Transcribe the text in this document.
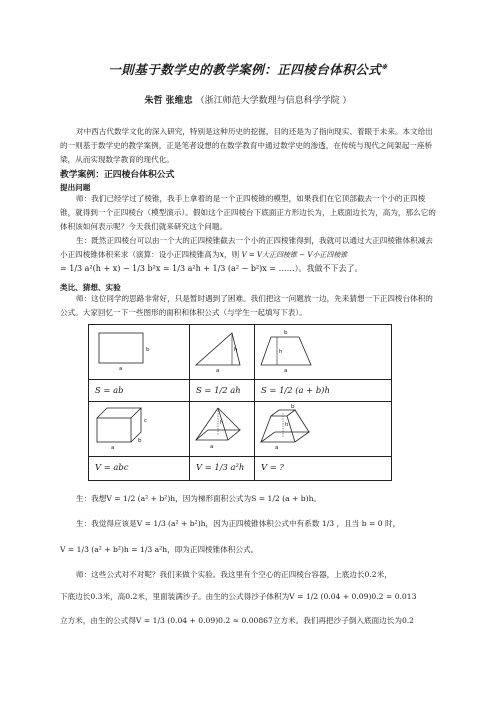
一則基于数学史的教学案例：正四棱台体积公式※
朱哲 张维忠 （浙江师范大学数理与信息科学学院 ）
对中西古代数学文化的深入研究，特别是这种历史的挖掘，目的还是为了指向现实、着眼于未来。本文给出的一则基于数学史的教学案例，正是笔者设想的在数学教育中通过数学史的渗透，在传统与现代之间架起一座桥梁，从而实现数学教育的现代化。
教学案例：正四棱台体积公式
提出问题
师：我们已经学过了棱锥，我手上拿着的是一个正四棱锥的模型，如果我们在它顶部截去一个小的正四棱锥，就得到一个正四棱台（模型演示）。假如这个正四棱台下底面正方形边长为，上底面边长为，高为，那么它的体积该如何表示呢？今天我们就来研究这个问题。
生：既然正四棱台可以由一个大的正四棱锥截去一个小的正四棱锥得到，我就可以通过大正四棱锥体积减去小正四棱锥体积来求（演算：设小正四棱锥高为x，则 V = V大正四棱锥 − V小正四棱锥
= 1/3 a²(h + x) − 1/3 b²x = 1/3 a²h + 1/3 (a² − b²)x = ……）。我做不下去了。
类比、猜想、实验
师：这位同学的思路非常好，只是暂时遇到了困难。我们把这一问题放一边，先来猜想一下正四棱台体积的公式。大家回忆一下一些图形的面积和体积公式（与学生一起填写下表）。
a
b	a
h	b
a
h

S = ab	S = 1/2 ah	S = 1/2 (a + b)h

a
b
c	h
a	h
b
a

V = abc	V = 1/3 a²h	V = ?
生：我想V = 1/2 (a² + b²)h，因为梯形面积公式为S = 1/2 (a + b)h。
生：我觉得应该是V = 1/3 (a² + b²)h，因为正四棱锥体积公式中有系数 1/3 ，且当 b = 0 时，
V = 1/3 (a² + b²)h = 1/3 a²h，即为正四棱锥体积公式。
师：这些公式对不对呢？我们来做个实验。我这里有个空心的正四棱台容器，上底边长0.2米，
下底边长0.3米，高0.2米，里面装满沙子。由生的公式得沙子体积为V = 1/2 (0.04 + 0.09)0.2 = 0.013
立方米，由生的公式得V = 1/3 (0.04 + 0.09)0.2 ≈ 0.00867立方米。我们再把沙子倒入底面边长为0.2
